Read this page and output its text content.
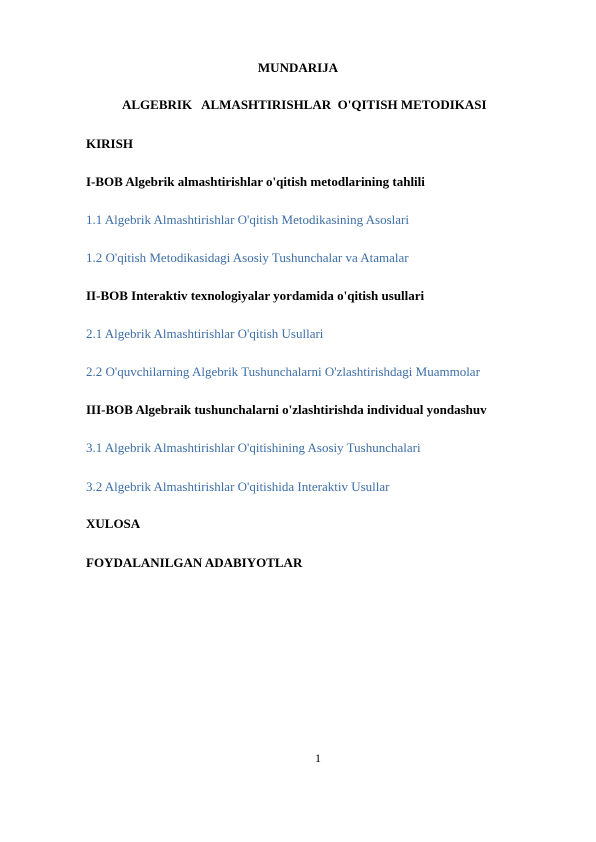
MUNDARIJA
ALGEBRIK   ALMASHTIRISHLAR  O'QITISH METODIKASI
KIRISH
I-BOB Algebrik almashtirishlar o'qitish metodlarining tahlili
1.1 Algebrik Almashtirishlar O'qitish Metodikasining Asoslari
1.2 O'qitish Metodikasidagi Asosiy Tushunchalar va Atamalar
II-BOB Interaktiv texnologiyalar yordamida o'qitish usullari
2.1 Algebrik Almashtirishlar O'qitish Usullari
2.2 O'quvchilarning Algebrik Tushunchalarni O'zlashtirishdagi Muammolar
III-BOB Algebraik tushunchalarni o'zlashtirishda individual yondashuv
3.1 Algebrik Almashtirishlar O'qitishining Asosiy Tushunchalari
3.2 Algebrik Almashtirishlar O'qitishida Interaktiv Usullar
XULOSA
FOYDALANILGAN ADABIYOTLAR
1
